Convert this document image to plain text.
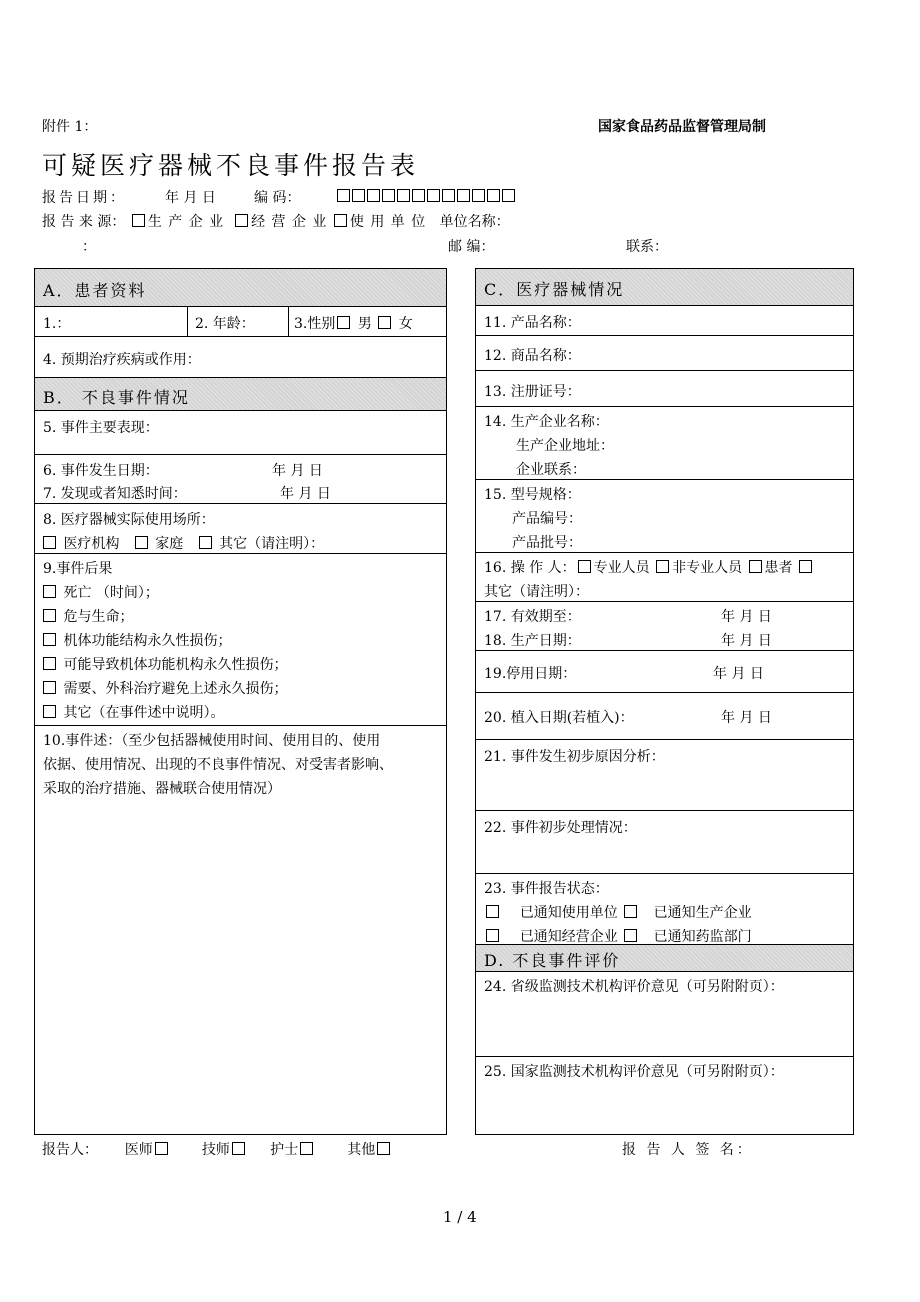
附件 1：	国家食品药品监督管理局制
可疑医疗器械不良事件报告表
报告日期：	年 月 日	编 码：
报 告 来 源： 生 产 企 业 经 营 企 业 使 用 单 位 单位名称：
：	邮 编：	联系：
A．患者资料
1.：	2. 年龄：	3.性别 男 女
4. 预期治疗疾病或作用：
B． 不良事件情况
5. 事件主要表现：
6. 事件发生日期：	年 月 日
7. 发现或者知悉时间：	年 月 日
8. 医疗器械实际使用场所：
医疗机构	家庭	其它（请注明）：
9.事件后果
死亡 （时间）；
危与生命；
机体功能结构永久性损伤；
可能导致机体功能机构永久性损伤；
需要、外科治疗避免上述永久损伤；
其它（在事件述中说明）。
10.事件述：（至少包括器械使用时间、使用目的、使用
依据、使用情况、出现的不良事件情况、对受害者影响、
采取的治疗措施、器械联合使用情况）
C．医疗器械情况
11. 产品名称：
12. 商品名称：
13. 注册证号：
14. 生产企业名称：
生产企业地址：
企业联系：
15. 型号规格：
产品编号：
产品批号：
16. 操 作 人： 专业人员 非专业人员 患者
其它（请注明）：
17. 有效期至：	年 月 日
18. 生产日期：	年 月 日
19.停用日期：	年 月 日
20. 植入日期(若植入)：	年 月 日
21. 事件发生初步原因分析：
22. 事件初步处理情况：
23. 事件报告状态：
已通知使用单位	已通知生产企业
已通知经营企业	已通知药监部门
D. 不良事件评价
24. 省级监测技术机构评价意见（可另附附页）：
25. 国家监测技术机构评价意见（可另附附页）：
报告人： 医师	技师	护士	其他	报 告 人 签 名：
1 / 4
